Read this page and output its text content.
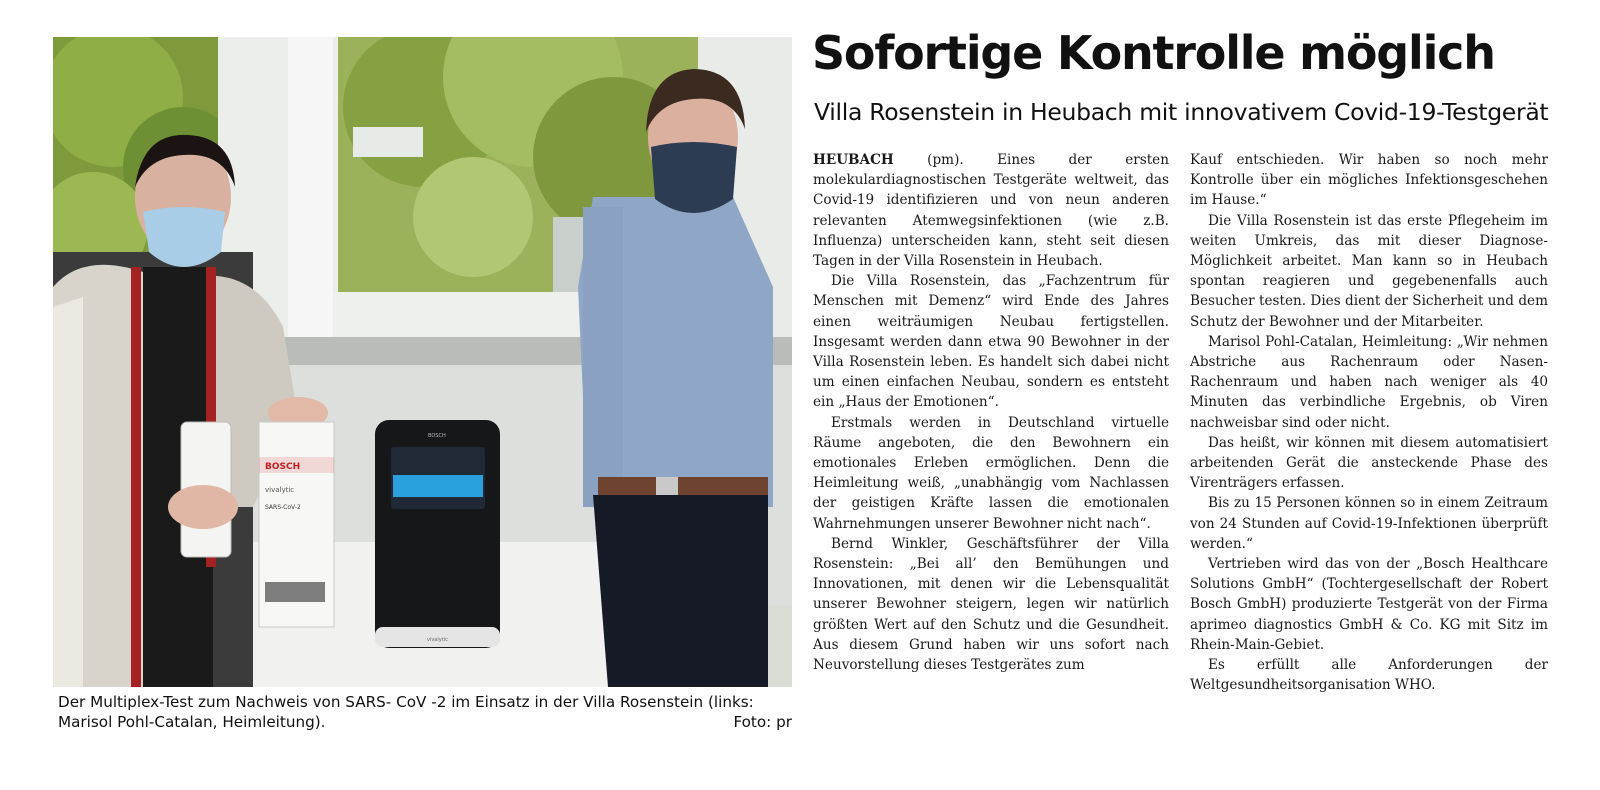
BOSCH
vivalytic
SARS-CoV-2
BOSCH
vivalytic
Der Multiplex-Test zum Nachweis von SARS- CoV -2 im Einsatz in der Villa Rosenstein (links: Marisol Pohl-Catalan, Heimleitung).	Foto: pr
Sofortige Kontrolle möglich
Villa Rosenstein in Heubach mit innovativem Covid-19-Testgerät

HEUBACH (pm). Eines der ersten molekulardiagnostischen Testgeräte weltweit, das Covid-19 identifizieren und von neun anderen relevanten Atemwegsinfektionen (wie z.B. Influenza) unterscheiden kann, steht seit diesen Tagen in der Villa Rosenstein in Heubach.

Die Villa Rosenstein, das „Fachzentrum für Menschen mit Demenz“ wird Ende des Jahres einen weiträumigen Neubau fertigstellen. Insgesamt werden dann etwa 90 Bewohner in der Villa Rosenstein leben. Es handelt sich dabei nicht um einen einfachen Neubau, sondern es entsteht ein „Haus der Emotionen“.

Erstmals werden in Deutschland virtuelle Räume angeboten, die den Bewohnern ein emotionales Erleben ermöglichen. Denn die Heimleitung weiß, „unabhängig vom Nachlassen der geistigen Kräfte lassen die emotionalen Wahrnehmungen unserer Bewohner nicht nach“.

Bernd Winkler, Geschäftsführer der Villa Rosenstein: „Bei all’ den Bemühungen und Innovationen, mit denen wir die Lebensqualität unserer Bewohner steigern, legen wir natürlich größten Wert auf den Schutz und die Gesundheit. Aus diesem Grund haben wir uns sofort nach Neuvorstellung dieses Testgerätes zum

Kauf entschieden. Wir haben so noch mehr Kontrolle über ein mögliches Infektionsgeschehen im Hause.“

Die Villa Rosenstein ist das erste Pflegeheim im weiten Umkreis, das mit dieser Diagnose-Möglichkeit arbeitet. Man kann so in Heubach spontan reagieren und gegebenenfalls auch Besucher testen. Dies dient der Sicherheit und dem Schutz der Bewohner und der Mitarbeiter.

Marisol Pohl-Catalan, Heimleitung: „Wir nehmen Abstriche aus Rachenraum oder Nasen-Rachenraum und haben nach weniger als 40 Minuten das verbindliche Ergebnis, ob Viren nachweisbar sind oder nicht.

Das heißt, wir können mit diesem automatisiert arbeitenden Gerät die ansteckende Phase des Virenträgers erfassen.

Bis zu 15 Personen können so in einem Zeitraum von 24 Stunden auf Covid-19-Infektionen überprüft werden.“

Vertrieben wird das von der „Bosch Healthcare Solutions GmbH“ (Tochtergesellschaft der Robert Bosch GmbH) produzierte Testgerät von der Firma aprimeo diagnostics GmbH & Co. KG mit Sitz im Rhein-Main-Gebiet.

Es erfüllt alle Anforderungen der Weltgesundheitsorganisation WHO.
